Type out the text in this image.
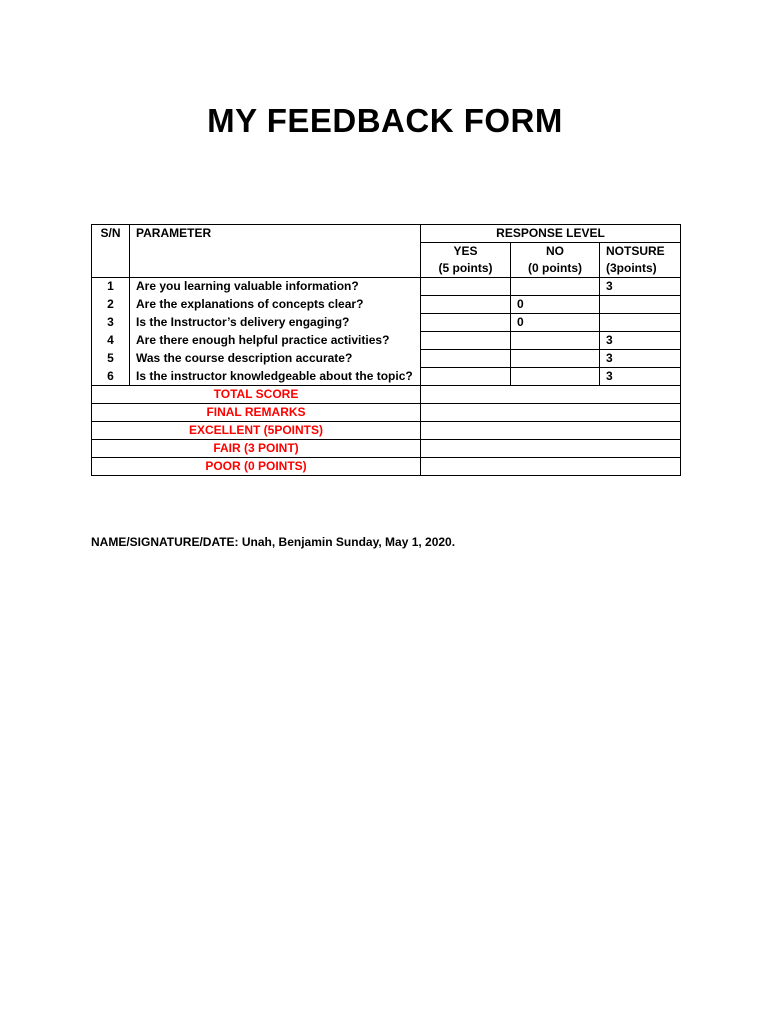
MY FEEDBACK FORM
S/N	PARAMETER	RESPONSE LEVEL		
		YES	NO	NOTSURE
		(5 points)	(0 points)	(3points)
1	Are you learning valuable information?			3
2	Are the explanations of concepts clear?		0	
3	Is the Instructor’s delivery engaging?		0	
4	Are there enough helpful practice activities?			3
5	Was the course description accurate?			3
6	Is the instructor knowledgeable about the topic?			3
TOTAL SCORE				
FINAL REMARKS				
EXCELLENT (5POINTS)				
FAIR (3 POINT)				
POOR (0 POINTS)				
NAME/SIGNATURE/DATE: Unah, Benjamin Sunday, May 1, 2020.
